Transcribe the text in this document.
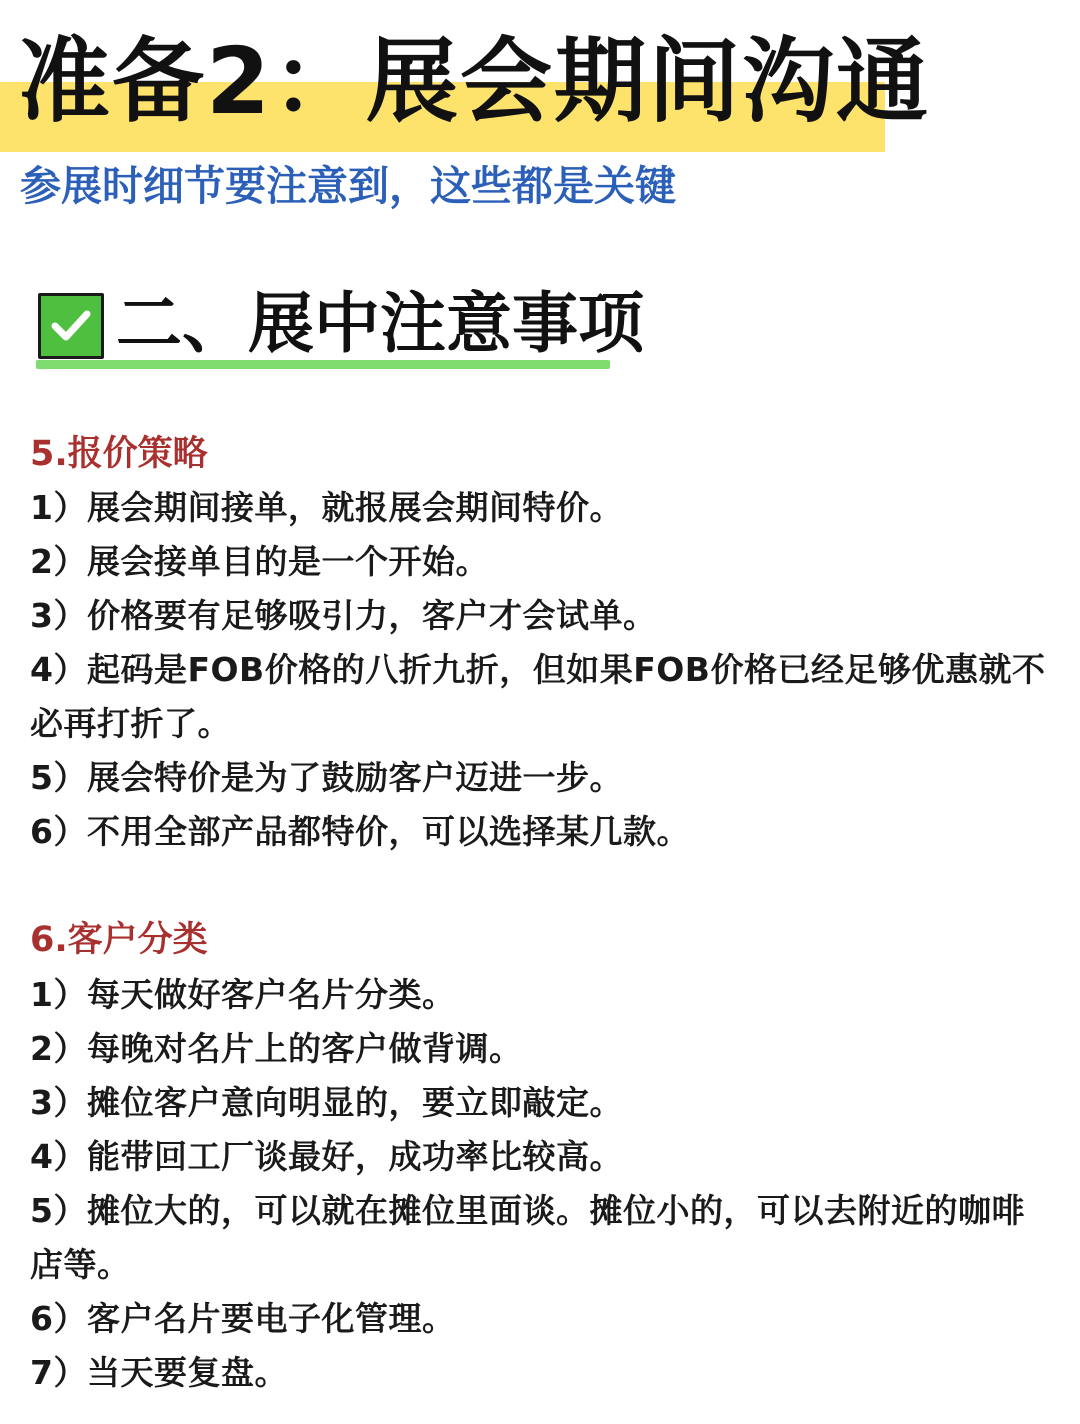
准备2：展会期间沟通

参展时细节要注意到，这些都是关键

二、展中注意事项
5.报价策略
1）展会期间接单，就报展会期间特价。
2）展会接单目的是一个开始。
3）价格要有足够吸引力，客户才会试单。
4）起码是FOB价格的八折九折，但如果FOB价格已经足够优惠就不必再打折了。
5）展会特价是为了鼓励客户迈进一步。
6）不用全部产品都特价，可以选择某几款。
6.客户分类
1）每天做好客户名片分类。
2）每晚对名片上的客户做背调。
3）摊位客户意向明显的，要立即敲定。
4）能带回工厂谈最好，成功率比较高。
5）摊位大的，可以就在摊位里面谈。摊位小的，可以去附近的咖啡店等。
6）客户名片要电子化管理。
7）当天要复盘。
